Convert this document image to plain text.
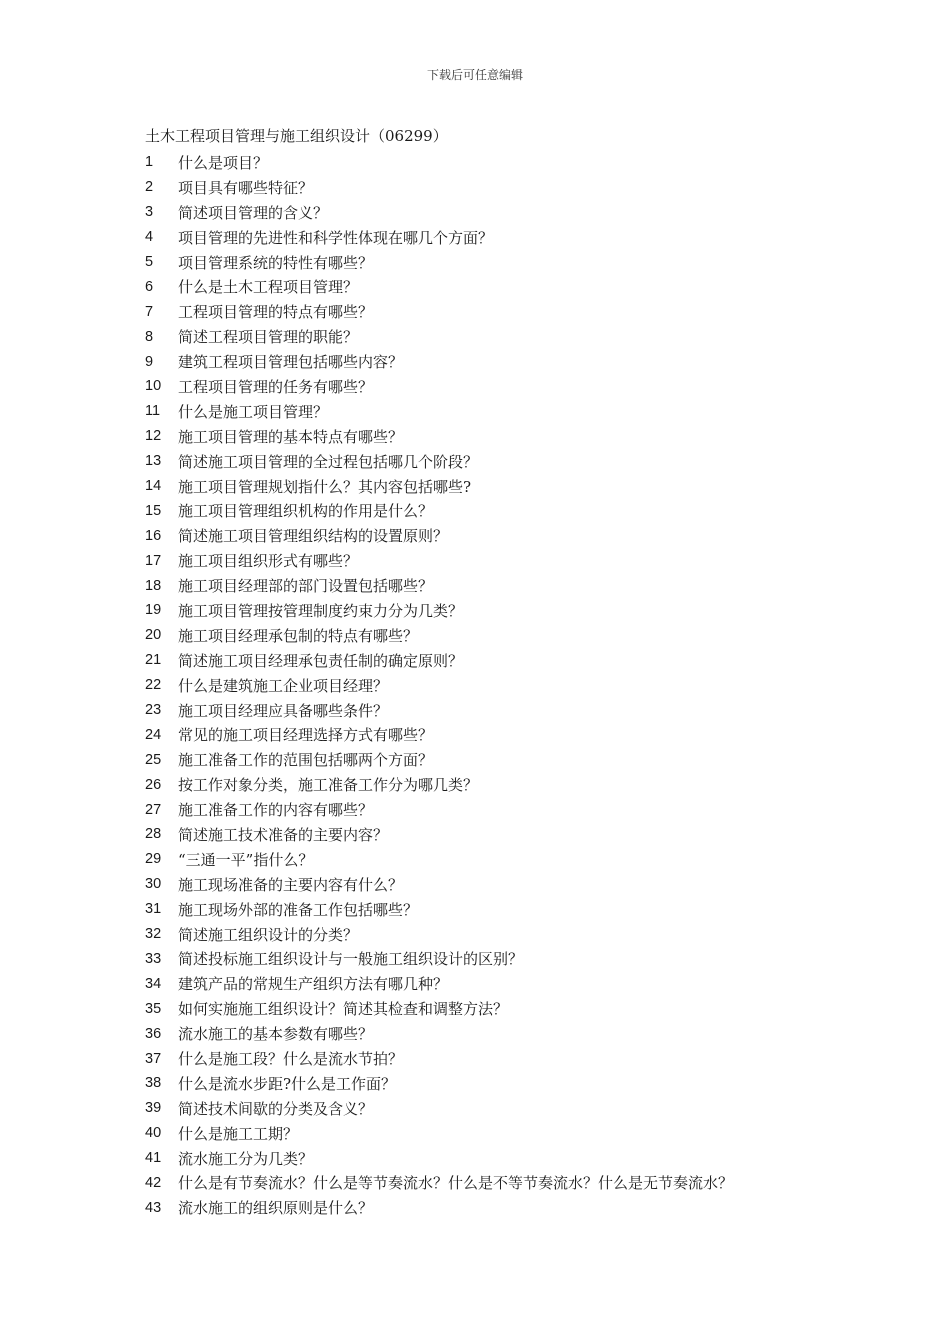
下载后可任意编辑
土木工程项目管理与施工组织设计（06299）
1	什么是项目？
2	项目具有哪些特征？
3	简述项目管理的含义？
4	项目管理的先进性和科学性体现在哪几个方面？
5	项目管理系统的特性有哪些？
6	什么是土木工程项目管理？
7	工程项目管理的特点有哪些？
8	简述工程项目管理的职能？
9	建筑工程项目管理包括哪些内容？
10	工程项目管理的任务有哪些？
11	什么是施工项目管理？
12	施工项目管理的基本特点有哪些？
13	简述施工项目管理的全过程包括哪几个阶段？
14	施工项目管理规划指什么？其内容包括哪些?
15	施工项目管理组织机构的作用是什么？
16	简述施工项目管理组织结构的设置原则？
17	施工项目组织形式有哪些？
18	施工项目经理部的部门设置包括哪些？
19	施工项目管理按管理制度约束力分为几类？
20	施工项目经理承包制的特点有哪些？
21	简述施工项目经理承包责任制的确定原则？
22	什么是建筑施工企业项目经理？
23	施工项目经理应具备哪些条件？
24	常见的施工项目经理选择方式有哪些？
25	施工准备工作的范围包括哪两个方面？
26	按工作对象分类，施工准备工作分为哪几类？
27	施工准备工作的内容有哪些？
28	简述施工技术准备的主要内容？
29	“三通一平”指什么？
30	施工现场准备的主要内容有什么？
31	施工现场外部的准备工作包括哪些？
32	简述施工组织设计的分类？
33	简述投标施工组织设计与一般施工组织设计的区别？
34	建筑产品的常规生产组织方法有哪几种？
35	如何实施施工组织设计？简述其检查和调整方法？
36	流水施工的基本参数有哪些？
37	什么是施工段？什么是流水节拍？
38	什么是流水步距?什么是工作面？
39	简述技术间歇的分类及含义？
40	什么是施工工期？
41	流水施工分为几类？
42	什么是有节奏流水？什么是等节奏流水？什么是不等节奏流水？什么是无节奏流水？
43	流水施工的组织原则是什么？
